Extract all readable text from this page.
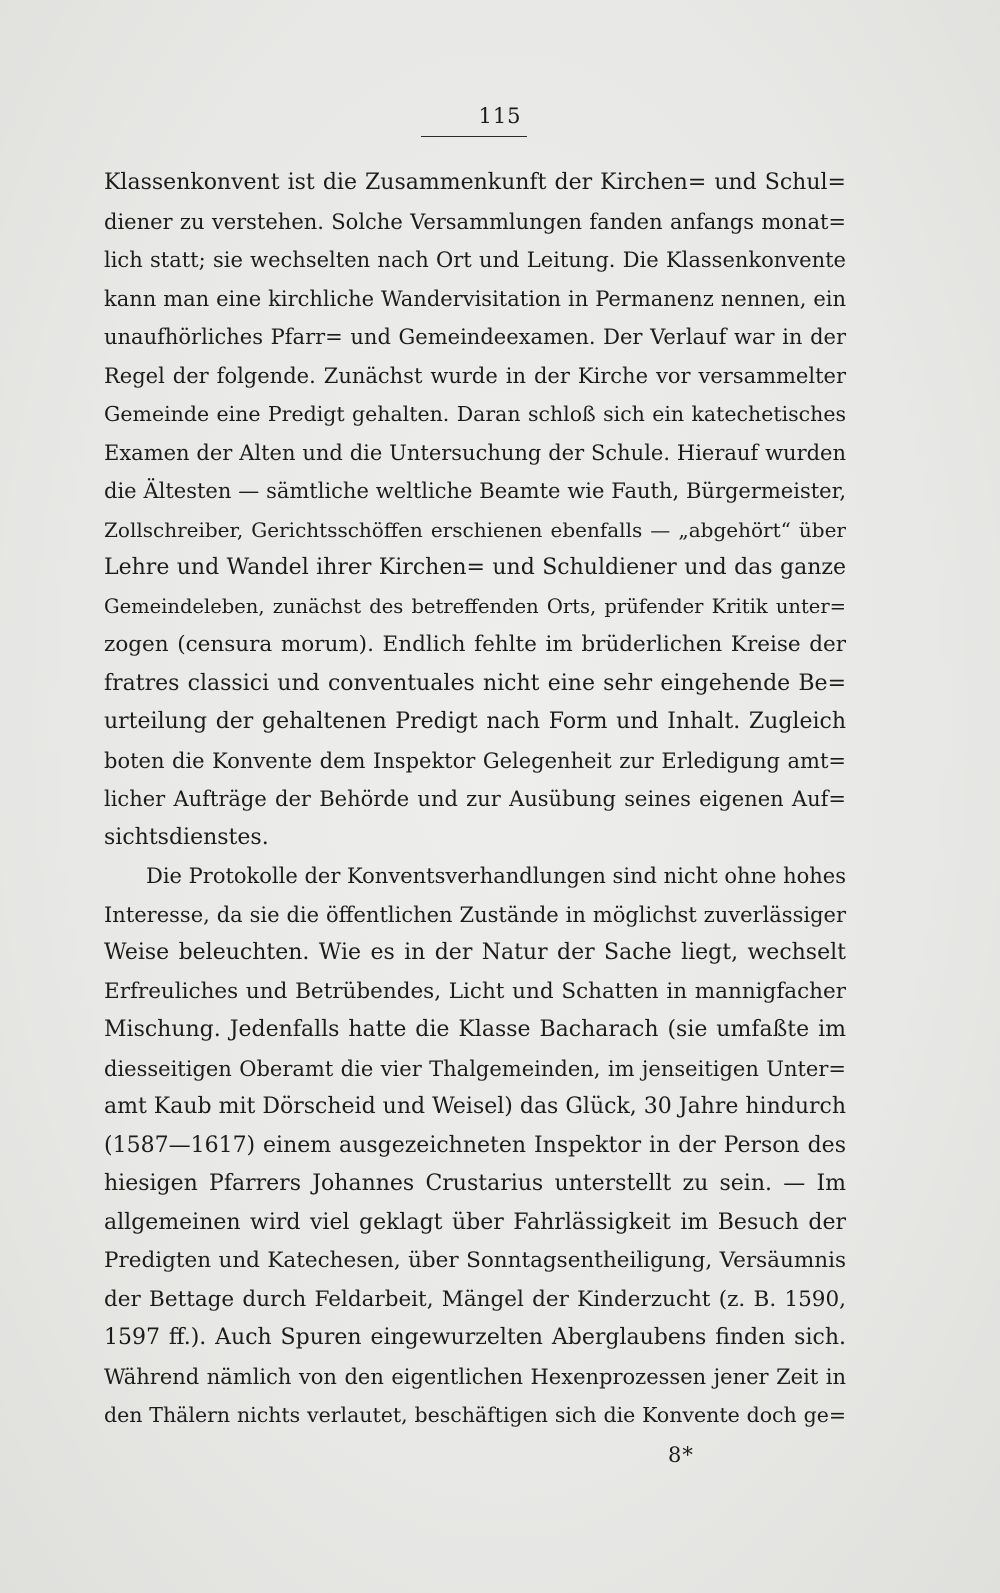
115
Klassenkonvent ist die Zusammenkunft der Kirchen= und Schul=
diener zu verstehen. Solche Versammlungen fanden anfangs monat=
lich statt; sie wechselten nach Ort und Leitung. Die Klassenkonvente
kann man eine kirchliche Wandervisitation in Permanenz nennen, ein
unaufhörliches Pfarr= und Gemeindeexamen. Der Verlauf war in der
Regel der folgende. Zunächst wurde in der Kirche vor versammelter
Gemeinde eine Predigt gehalten. Daran schloß sich ein katechetisches
Examen der Alten und die Untersuchung der Schule. Hierauf wurden
die Ältesten — sämtliche weltliche Beamte wie Fauth, Bürgermeister,
Zollschreiber, Gerichtsschöffen erschienen ebenfalls — „abgehört“ über
Lehre und Wandel ihrer Kirchen= und Schuldiener und das ganze
Gemeindeleben, zunächst des betreffenden Orts, prüfender Kritik unter=
zogen (censura morum). Endlich fehlte im brüderlichen Kreise der
fratres classici und conventuales nicht eine sehr eingehende Be=
urteilung der gehaltenen Predigt nach Form und Inhalt. Zugleich
boten die Konvente dem Inspektor Gelegenheit zur Erledigung amt=
licher Aufträge der Behörde und zur Ausübung seines eigenen Auf=
sichtsdienstes.
Die Protokolle der Konventsverhandlungen sind nicht ohne hohes
Interesse, da sie die öffentlichen Zustände in möglichst zuverlässiger
Weise beleuchten. Wie es in der Natur der Sache liegt, wechselt
Erfreuliches und Betrübendes, Licht und Schatten in mannigfacher
Mischung. Jedenfalls hatte die Klasse Bacharach (sie umfaßte im
diesseitigen Oberamt die vier Thalgemeinden, im jenseitigen Unter=
amt Kaub mit Dörscheid und Weisel) das Glück, 30 Jahre hindurch
(1587—1617) einem ausgezeichneten Inspektor in der Person des
hiesigen Pfarrers Johannes Crustarius unterstellt zu sein. — Im
allgemeinen wird viel geklagt über Fahrlässigkeit im Besuch der
Predigten und Katechesen, über Sonntagsentheiligung, Versäumnis
der Bettage durch Feldarbeit, Mängel der Kinderzucht (z. B. 1590,
1597 ff.). Auch Spuren eingewurzelten Aberglaubens finden sich.
Während nämlich von den eigentlichen Hexenprozessen jener Zeit in
den Thälern nichts verlautet, beschäftigen sich die Konvente doch ge=
8*
